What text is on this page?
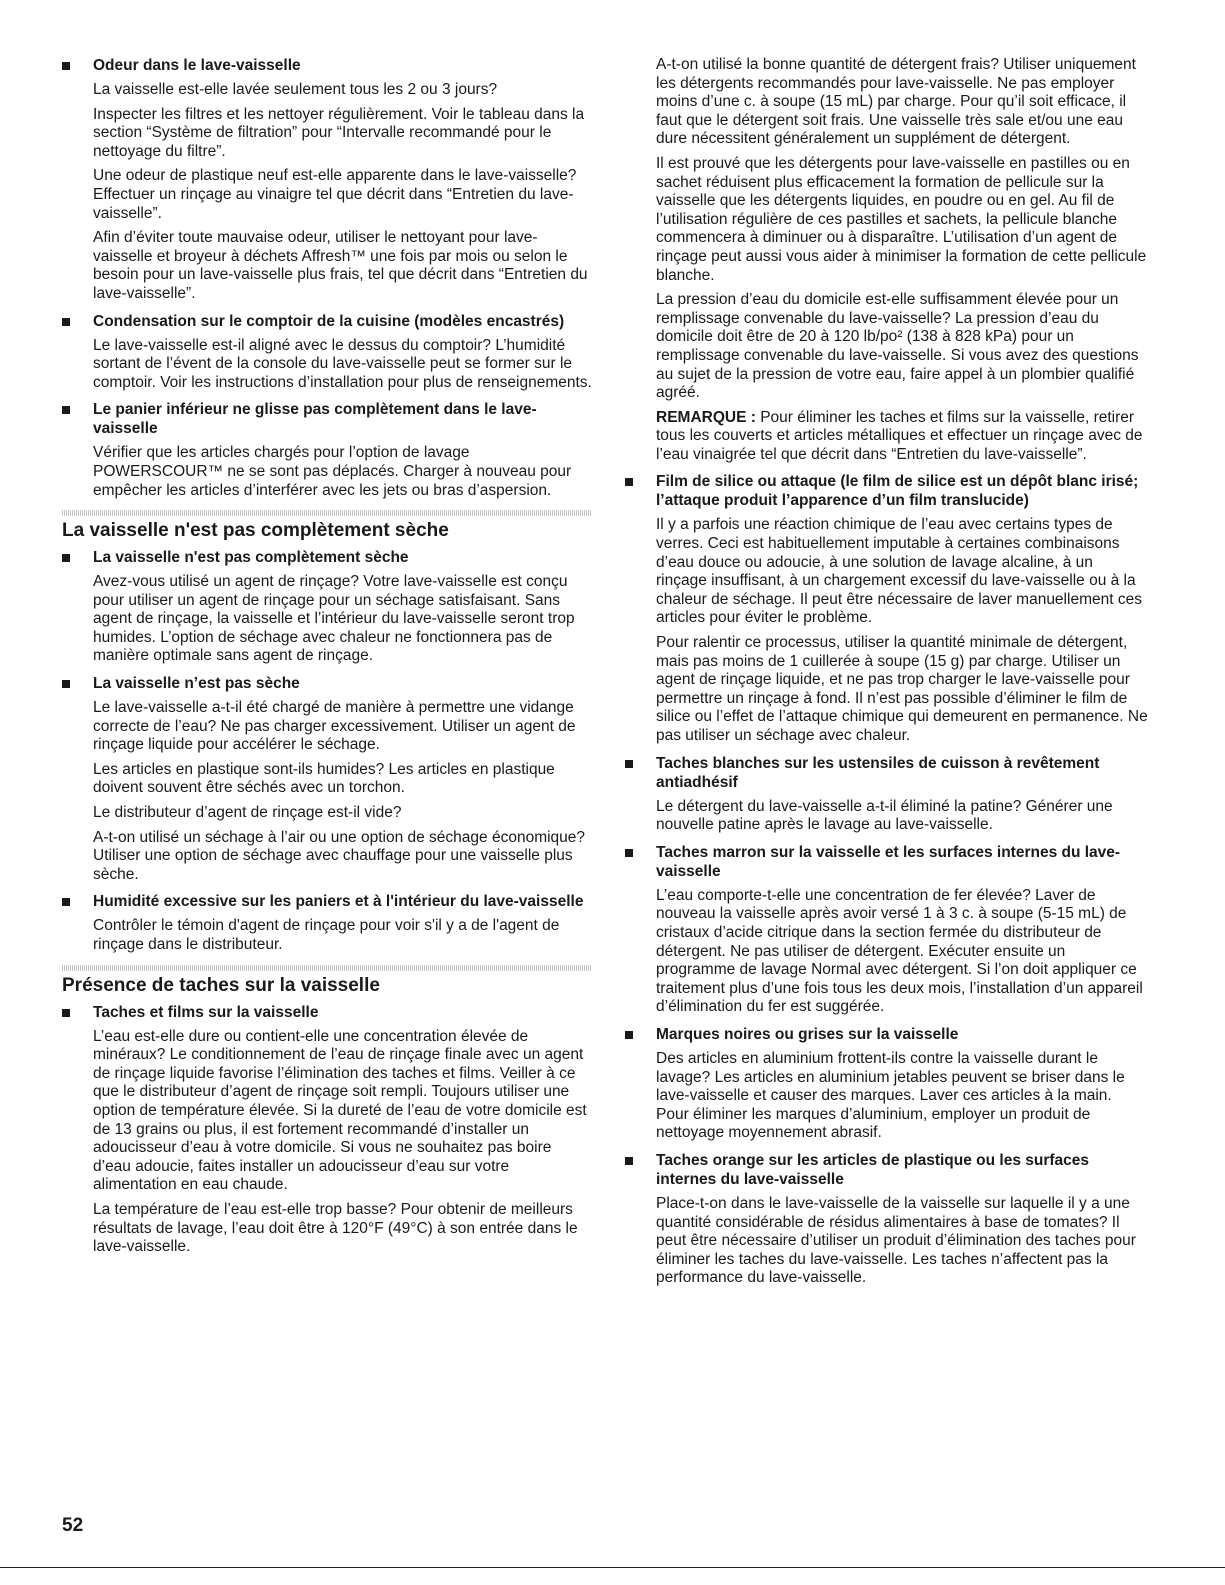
Odeur dans le lave-vaisselle
La vaisselle est-elle lavée seulement tous les 2 ou 3 jours?
Inspecter les filtres et les nettoyer régulièrement. Voir le tableau dans la section “Système de filtration” pour “Intervalle recommandé pour le nettoyage du filtre”.
Une odeur de plastique neuf est-elle apparente dans le lave-vaisselle? Effectuer un rinçage au vinaigre tel que décrit dans “Entretien du lave-vaisselle”.
Afin d’éviter toute mauvaise odeur, utiliser le nettoyant pour lave-vaisselle et broyeur à déchets Affresh™ une fois par mois ou selon le besoin pour un lave-vaisselle plus frais, tel que décrit dans “Entretien du lave-vaisselle”.
Condensation sur le comptoir de la cuisine (modèles encastrés)
Le lave-vaisselle est-il aligné avec le dessus du comptoir? L’humidité sortant de l’évent de la console du lave-vaisselle peut se former sur le comptoir. Voir les instructions d’installation pour plus de renseignements.
Le panier inférieur ne glisse pas complètement dans le lave-vaisselle
Vérifier que les articles chargés pour l’option de lavage POWERSCOUR™ ne se sont pas déplacés. Charger à nouveau pour empêcher les articles d’interférer avec les jets ou bras d’aspersion.
La vaisselle n'est pas complètement sèche
La vaisselle n'est pas complètement sèche
Avez-vous utilisé un agent de rinçage? Votre lave-vaisselle est conçu pour utiliser un agent de rinçage pour un séchage satisfaisant. Sans agent de rinçage, la vaisselle et l’intérieur du lave-vaisselle seront trop humides. L’option de séchage avec chaleur ne fonctionnera pas de manière optimale sans agent de rinçage.
La vaisselle n’est pas sèche
Le lave-vaisselle a-t-il été chargé de manière à permettre une vidange correcte de l’eau? Ne pas charger excessivement. Utiliser un agent de rinçage liquide pour accélérer le séchage.
Les articles en plastique sont-ils humides? Les articles en plastique doivent souvent être séchés avec un torchon.
Le distributeur d’agent de rinçage est-il vide?
A-t-on utilisé un séchage à l’air ou une option de séchage économique? Utiliser une option de séchage avec chauffage pour une vaisselle plus sèche.
Humidité excessive sur les paniers et à l'intérieur du lave-vaisselle
Contrôler le témoin d'agent de rinçage pour voir s'il y a de l'agent de rinçage dans le distributeur.
Présence de taches sur la vaisselle
Taches et films sur la vaisselle
L’eau est-elle dure ou contient-elle une concentration élevée de minéraux? Le conditionnement de l’eau de rinçage finale avec un agent de rinçage liquide favorise l’élimination des taches et films. Veiller à ce que le distributeur d’agent de rinçage soit rempli. Toujours utiliser une option de température élevée. Si la dureté de l’eau de votre domicile est de 13 grains ou plus, il est fortement recommandé d’installer un adoucisseur d’eau à votre domicile. Si vous ne souhaitez pas boire d’eau adoucie, faites installer un adoucisseur d’eau sur votre alimentation en eau chaude.
La température de l’eau est-elle trop basse? Pour obtenir de meilleurs résultats de lavage, l’eau doit être à 120°F (49°C) à son entrée dans le lave-vaisselle.
A-t-on utilisé la bonne quantité de détergent frais? Utiliser uniquement les détergents recommandés pour lave-vaisselle. Ne pas employer moins d’une c. à soupe (15 mL) par charge. Pour qu’il soit efficace, il faut que le détergent soit frais. Une vaisselle très sale et/ou une eau dure nécessitent généralement un supplément de détergent.
Il est prouvé que les détergents pour lave-vaisselle en pastilles ou en sachet réduisent plus efficacement la formation de pellicule sur la vaisselle que les détergents liquides, en poudre ou en gel. Au fil de l’utilisation régulière de ces pastilles et sachets, la pellicule blanche commencera à diminuer ou à disparaître. L’utilisation d’un agent de rinçage peut aussi vous aider à minimiser la formation de cette pellicule blanche.
La pression d’eau du domicile est-elle suffisamment élevée pour un remplissage convenable du lave-vaisselle? La pression d’eau du domicile doit être de 20 à 120 lb/po² (138 à 828 kPa) pour un remplissage convenable du lave-vaisselle. Si vous avez des questions au sujet de la pression de votre eau, faire appel à un plombier qualifié agréé.
REMARQUE : Pour éliminer les taches et films sur la vaisselle, retirer tous les couverts et articles métalliques et effectuer un rinçage avec de l’eau vinaigrée tel que décrit dans “Entretien du lave-vaisselle”.
Film de silice ou attaque (le film de silice est un dépôt blanc irisé; l’attaque produit l’apparence d’un film translucide)
Il y a parfois une réaction chimique de l’eau avec certains types de verres. Ceci est habituellement imputable à certaines combinaisons d’eau douce ou adoucie, à une solution de lavage alcaline, à un rinçage insuffisant, à un chargement excessif du lave-vaisselle ou à la chaleur de séchage. Il peut être nécessaire de laver manuellement ces articles pour éviter le problème.
Pour ralentir ce processus, utiliser la quantité minimale de détergent, mais pas moins de 1 cuillerée à soupe (15 g) par charge. Utiliser un agent de rinçage liquide, et ne pas trop charger le lave-vaisselle pour permettre un rinçage à fond. Il n’est pas possible d’éliminer le film de silice ou l’effet de l’attaque chimique qui demeurent en permanence. Ne pas utiliser un séchage avec chaleur.
Taches blanches sur les ustensiles de cuisson à revêtement antiadhésif
Le détergent du lave-vaisselle a-t-il éliminé la patine? Générer une nouvelle patine après le lavage au lave-vaisselle.
Taches marron sur la vaisselle et les surfaces internes du lave-vaisselle
L’eau comporte-t-elle une concentration de fer élevée? Laver de nouveau la vaisselle après avoir versé 1 à 3 c. à soupe (5-15 mL) de cristaux d’acide citrique dans la section fermée du distributeur de détergent. Ne pas utiliser de détergent. Exécuter ensuite un programme de lavage Normal avec détergent. Si l’on doit appliquer ce traitement plus d’une fois tous les deux mois, l’installation d’un appareil d’élimination du fer est suggérée.
Marques noires ou grises sur la vaisselle
Des articles en aluminium frottent-ils contre la vaisselle durant le lavage? Les articles en aluminium jetables peuvent se briser dans le lave-vaisselle et causer des marques. Laver ces articles à la main. Pour éliminer les marques d’aluminium, employer un produit de nettoyage moyennement abrasif.
Taches orange sur les articles de plastique ou les surfaces internes du lave-vaisselle
Place-t-on dans le lave-vaisselle de la vaisselle sur laquelle il y a une quantité considérable de résidus alimentaires à base de tomates? Il peut être nécessaire d’utiliser un produit d’élimination des taches pour éliminer les taches du lave-vaisselle. Les taches n’affectent pas la performance du lave-vaisselle.
52
